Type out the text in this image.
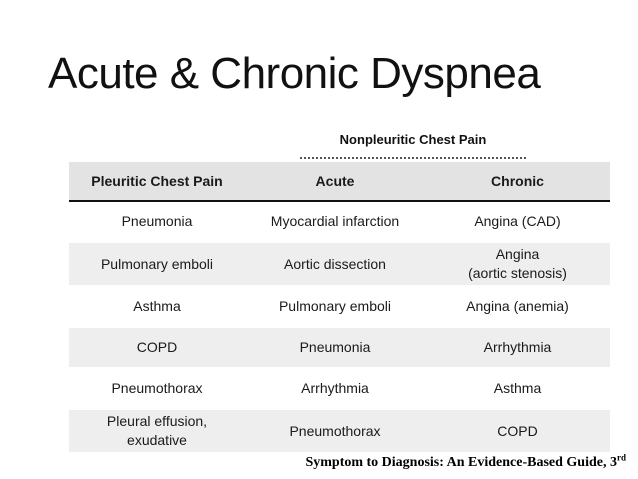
Acute & Chronic Dyspnea
Nonpleuritic Chest Pain
Pleuritic Chest Pain	Acute	Chronic

Pneumonia	Myocardial infarction	Angina (CAD)

Pulmonary emboli	Aortic dissection	Angina
(aortic stenosis)

Asthma	Pulmonary emboli	Angina (anemia)

COPD	Pneumonia	Arrhythmia

Pneumothorax	Arrhythmia	Asthma

Pleural effusion,
exudative	Pneumothorax	COPD
Symptom to Diagnosis: An Evidence-Based Guide, 3rd
